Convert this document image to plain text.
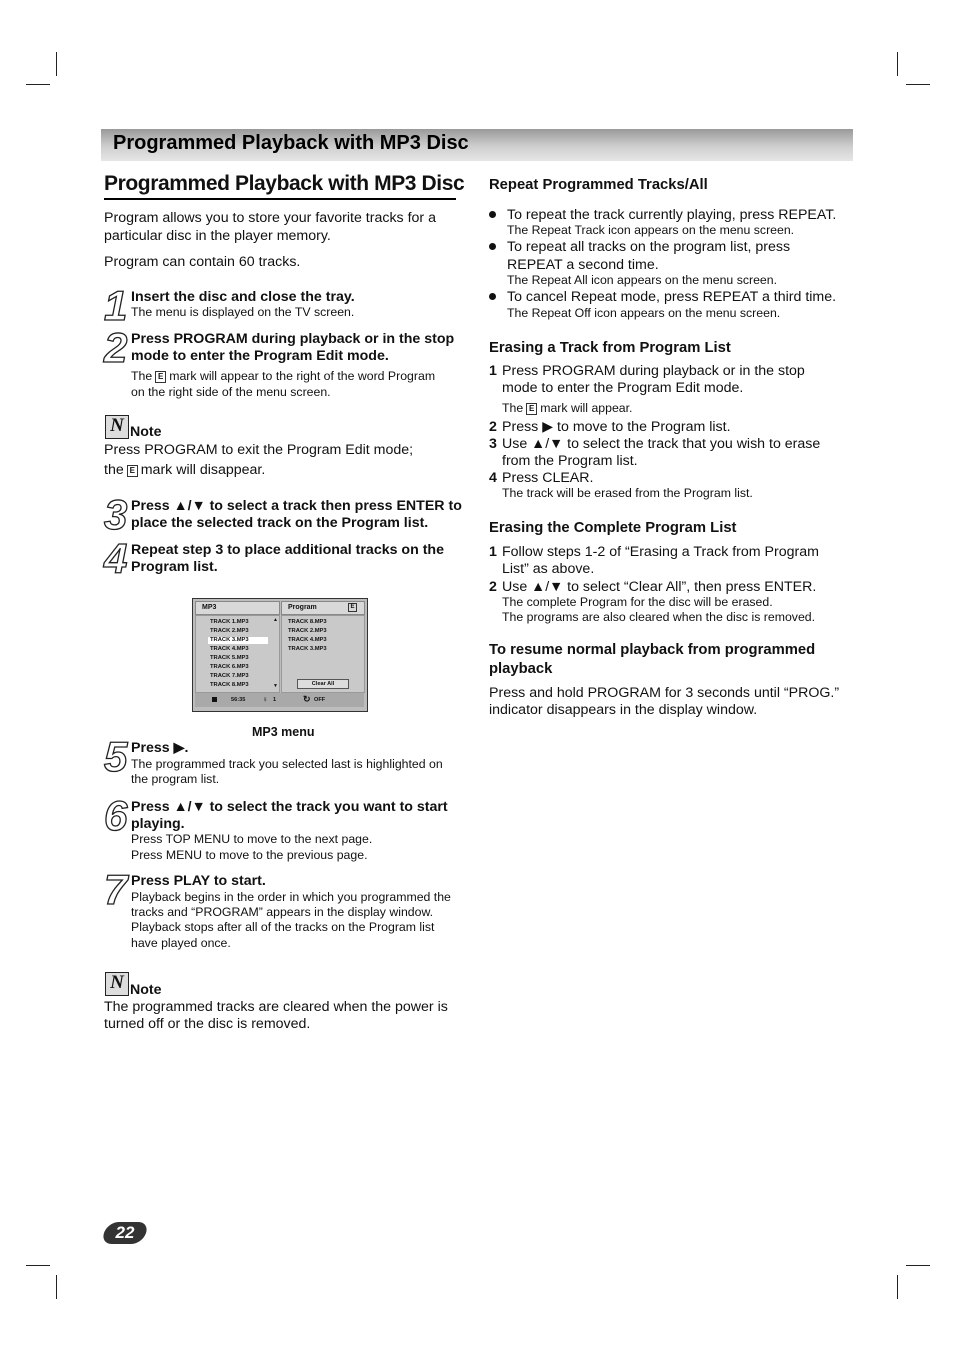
Programmed Playback with MP3 Disc
Programmed Playback with MP3 Disc
Program allows you to store your favorite tracks for a
particular disc in the player memory.
Program can contain 60 tracks.
1 Insert the disc and close the tray.
The menu is displayed on the TV screen.
2 Press PROGRAM during playback or in the stop
mode to enter the Program Edit mode.
The E mark will appear to the right of the word Program
on the right side of the menu screen.
N Note
Press PROGRAM to exit the Program Edit mode;
the E mark will disappear.
3 Press ▲/▼ to select a track then press ENTER to
place the selected track on the Program list.
4 Repeat step 3 to place additional tracks on the
Program list.
MP3	Program	E
TRACK 1.MP3
TRACK 2.MP3
TRACK 3.MP3
TRACK 4.MP3
TRACK 5.MP3
TRACK 6.MP3
TRACK 7.MP3
TRACK 8.MP3
▲
▼
TRACK 8.MP3
TRACK 2.MP3
TRACK 4.MP3
TRACK 3.MP3
Clear All
56:35 ♀ 1	↻ OFF
MP3 menu
5 Press ▶.
The programmed track you selected last is highlighted on
the program list.
6 Press ▲/▼ to select the track you want to start
playing.
Press TOP MENU to move to the next page.
Press MENU to move to the previous page.
7 Press PLAY to start.
Playback begins in the order in which you programmed the
tracks and “PROGRAM” appears in the display window.
Playback stops after all of the tracks on the Program list
have played once.
N Note
The programmed tracks are cleared when the power is
turned off or the disc is removed.
Repeat Programmed Tracks/All
To repeat the track currently playing, press REPEAT.
The Repeat Track icon appears on the menu screen.
To repeat all tracks on the program list, press
REPEAT a second time.
The Repeat All icon appears on the menu screen.
To cancel Repeat mode, press REPEAT a third time.
The Repeat Off icon appears on the menu screen.
Erasing a Track from Program List
1 Press PROGRAM during playback or in the stop
mode to enter the Program Edit mode.
The E mark will appear.
2 Press ▶ to move to the Program list.
3 Use ▲/▼ to select the track that you wish to erase
from the Program list.
4 Press CLEAR.
The track will be erased from the Program list.
Erasing the Complete Program List
1 Follow steps 1-2 of “Erasing a Track from Program
List” as above.
2 Use ▲/▼ to select “Clear All”, then press ENTER.
The complete Program for the disc will be erased.
The programs are also cleared when the disc is removed.
To resume normal playback from programmed
playback
Press and hold PROGRAM for 3 seconds until “PROG.”
indicator disappears in the display window.
22
